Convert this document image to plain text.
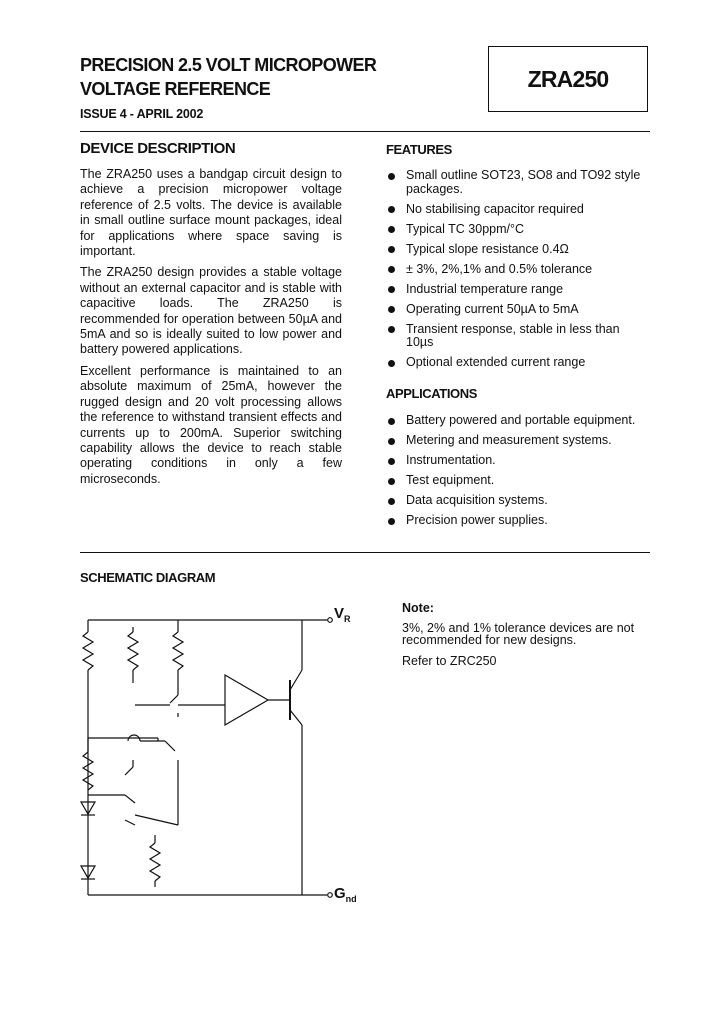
PRECISION 2.5 VOLT MICROPOWER
VOLTAGE REFERENCE
ISSUE 4 - APRIL 2002
ZRA250
DEVICE DESCRIPTION

The ZRA250 uses a bandgap circuit design to achieve a precision micropower voltage reference of 2.5 volts. The device is available in small outline surface mount packages, ideal for applications where space saving is important.

The ZRA250 design provides a stable voltage without an external capacitor and is stable with capacitive loads. The ZRA250 is recommended for operation between 50µA and 5mA and so is ideally suited to low power and battery powered applications.

Excellent performance is maintained to an absolute maximum of 25mA, however the rugged design and 20 volt processing allows the reference to withstand transient effects and currents up to 200mA. Superior switching capability allows the device to reach stable operating conditions in only a few microseconds.

FEATURES
Small outline SOT23, SO8 and TO92 style packages.
No stabilising capacitor required
Typical TC 30ppm/°C
Typical slope resistance 0.4Ω
± 3%, 2%,1% and 0.5% tolerance
Industrial temperature range
Operating current 50µA to 5mA
Transient response, stable in less than 10µs
Optional extended current range
APPLICATIONS
Battery powered and portable equipment.
Metering and measurement systems.
Instrumentation.
Test equipment.
Data acquisition systems.
Precision power supplies.
SCHEMATIC DIAGRAM
$V_R$
$G_{nd}$
Note:
3%, 2% and 1% tolerance devices are not recommended for new designs.
Refer to ZRC250
